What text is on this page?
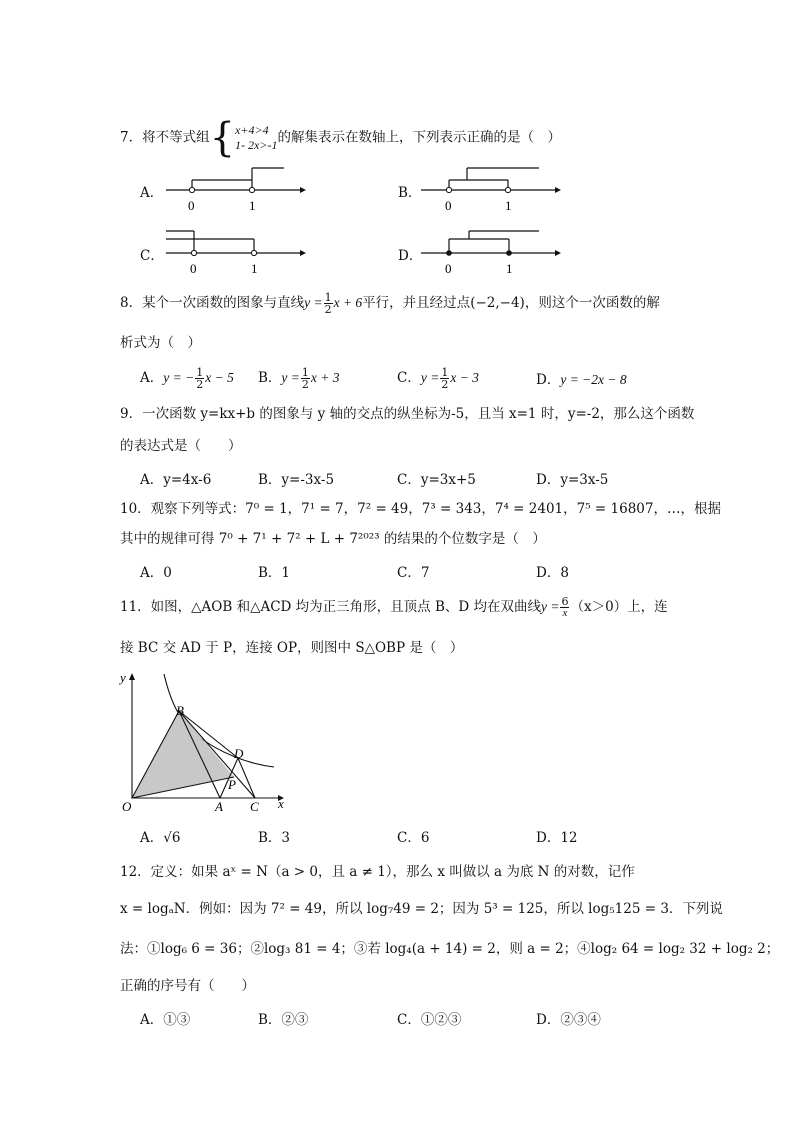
7．将不等式组{ x+4>4
1- 2x>-1 的解集表示在数轴上，下列表示正确的是（　）
A．
0	1
B．
0	1
C．
0	1
D．
0	1
8．某个一次函数的图象与直线$y = \frac{1}{2}$ x + 6平行，并且经过点(−2,−4)，则这个一次函数的解
析式为（　）
A．y = − $\frac{1}{2}$ x − 5 B．$y = \frac{1}{2}$ x + 3	C．$y = \frac{1}{2}$ x − 3	D．y = −2x − 8
9．一次函数 y=kx+b 的图象与 y 轴的交点的纵坐标为-5，且当 x=1 时，y=-2，那么这个函数
的表达式是（　　）
A．y=4x-6	B．y=-3x-5	C．y=3x+5	D．y=3x-5
10．观察下列等式：7⁰ = 1，7¹ = 7，7² = 49，7³ = 343，7⁴ = 2401，7⁵ = 16807，…，根据
其中的规律可得 7⁰ + 7¹ + 7² + L + 7²⁰²³ 的结果的个位数字是（　）
A．0	B．1	C．7	D．8
11．如图，△AOB 和△ACD 均为正三角形，且顶点 B、D 均在双曲线$y = \frac{6}{x} (x>0)$上，连
接 BC 交 AD 于 P，连接 OP，则图中 S△OBP 是（　）
y
x
O	A C
B
D
P
A．√6	B．3	C．6	D．12
12．定义：如果 aˣ = N（a > 0，且 a ≠ 1），那么 x 叫做以 a 为底 N 的对数，记作
x = logₐN．例如：因为 7² = 49，所以 log₇49 = 2；因为 5³ = 125，所以 log₅125 = 3．下列说
法：①log₆ 6 = 36；②log₃ 81 = 4；③若 log₄(a + 14) = 2，则 a = 2；④log₂ 64 = log₂ 32 + log₂ 2；
正确的序号有（　　）
A．①③	B．②③	C．①②③	D．②③④
